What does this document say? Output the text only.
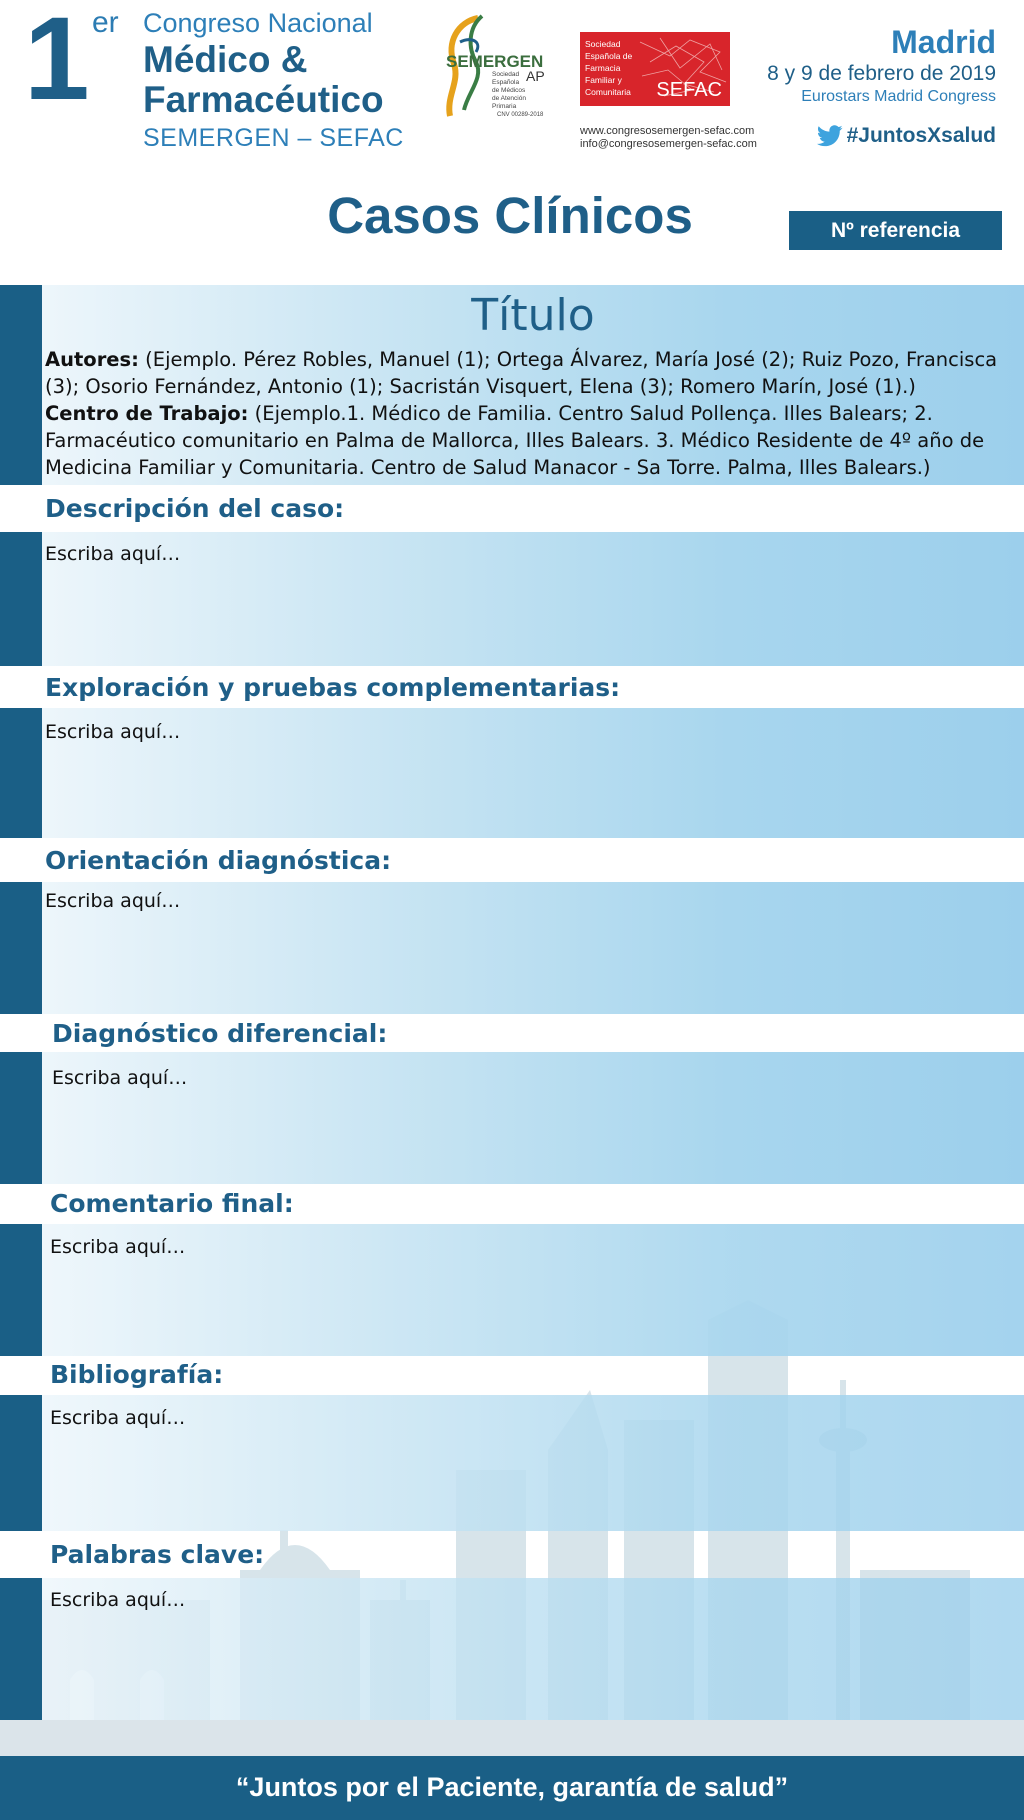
1 er Congreso Nacional
Médico &
Farmacéutico
SEMERGEN – SEFAC
SEMERGEN
AP
Sociedad Española de Médicos de Atención Primaria
CNV 00289-2018
Sociedad Española de Farmacia Familiar y Comunitaria	SEFAC
www.congresosemergen-sefac.com
info@congresosemergen-sefac.com
Madrid
8 y 9 de febrero de 2019
Eurostars Madrid Congress
#JuntosXsalud
Casos Clínicos	Nº referencia
Título
Autores: (Ejemplo. Pérez Robles, Manuel (1); Ortega Álvarez, María José (2); Ruiz Pozo, Francisca (3); Osorio Fernández, Antonio (1); Sacristán Visquert, Elena (3); Romero Marín, José (1).)
Centro de Trabajo: (Ejemplo.1. Médico de Familia. Centro Salud Pollença. Illes Balears; 2. Farmacéutico comunitario en Palma de Mallorca, Illes Balears. 3. Médico Residente de 4º año de Medicina Familiar y Comunitaria. Centro de Salud Manacor - Sa Torre. Palma, Illes Balears.)
Descripción del caso:
Escriba aquí…
Exploración y pruebas complementarias:
Escriba aquí…
Orientación diagnóstica:
Escriba aquí…
Diagnóstico diferencial:
Escriba aquí…
Comentario final:
Escriba aquí…
Bibliografía:
Escriba aquí…
Palabras clave:
Escriba aquí…
“Juntos por el Paciente, garantía de salud”
